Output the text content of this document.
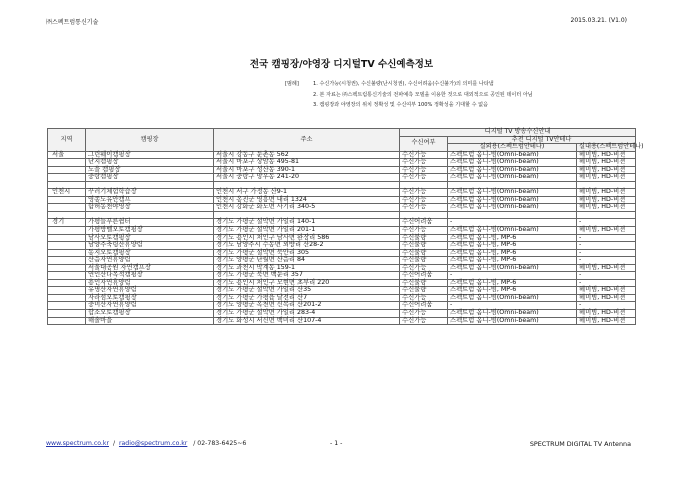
㈜스펙트럼통신기술	2015.03.21. (V1.0)
전국 캠핑장/야영장 디지털TV 수신예측정보
[범례]	1. 수신가능(시청권), 수신불량(난시청권), 수신어려움(수신불가)의 의미를 나타냄
2. 본 자료는 ㈜스펙트럼통신기술의 전파예측 모델을 이용한 것으로 대외적으로 공인된 데이터 아님
3. 캠핑장과 야영장의 위치 정확성 및 수신여부 100% 정확성을 기대할 수 없음
지역	캠핑장	주소	디지털 TV 방송수신안내		
			수신여부	추천 디지털 TV안테나	
				실외용(스펙트럼안테나)	실내용(스펙트럼안테나)
서울	그린웨이캠핑장	서울시 강동구 둔촌동 562	수신가능	스펙트럼 옴니-빔(Omni-beam)	헤미빔, HD-비젼
	난지캠핑장	서울시 마포구 상암동 495-81	수신가능	스펙트럼 옴니-빔(Omni-beam)	헤미빔, HD-비젼
	노을 캠핑장	서울시 마포구 성산동 390-1	수신가능	스펙트럼 옴니-빔(Omni-beam)	헤미빔, HD-비젼
	중랑캠핑장	서울시 중랑구 망우동 241-20	수신가능	스펙트럼 옴니-빔(Omni-beam)	헤미빔, HD-비젼

인천시	꾸러기체험학습장	인천시 서구 가정동 산9-1	수신가능	스펙트럼 옴니-빔(Omni-beam)	헤미빔, HD-비젼
	영종도유안캠프	인천시 옹진군 영흥면 내리 1324	수신가능	스펙트럼 옴니-빔(Omni-beam)	헤미빔, HD-비젼
	함허동천야영장	인천시 강화군 화도면 사기리 340-5	수신가능	스펙트럼 옴니-빔(Omni-beam)	헤미빔, HD-비젼

경기	가평늘푸른쉼터	경기도 가평군 설악면 가일리 140-1	수신어려움	-	-
	가평방벨오토캠핑장	경기도 가평군 설악면 가일리 201-1	수신가능	스펙트럼 옴니-빔(Omni-beam)	헤미빔, HD-비젼
	남사오토캠핑장	경기도 용인시 처인구 남사면 완장리 586	수신불량	스펙트럼 옴니-빔, MP-6	-
	남양주축령산휴양림	경기도 남양주시 수동면 외방리 산28-2	수신불량	스펙트럼 옴니-빔, MP-6	-
	동지오토캠핑장	경기도 가평군 설악면 묵안리 305	수신불량	스펙트럼 옴니-빔, MP-6	-
	산음자연휴양림	경기도 양평군 단월면 산음리 84	수신불량	스펙트럼 옴니-빔, MP-6	-
	서울대공원 자연캠프장	경기도 과천시 막계동 159-1	수신가능	스펙트럼 옴니-빔(Omni-beam)	헤미빔, HD-비젼
	연인산다목적캠핑장	경기도 가평군 북면 백둔리 357	수신어려움	-	-
	용인자연휴양림	경기도 용인시 처인구 모현면 초부리 220	수신불량	스펙트럼 옴니-빔, MP-6	-
	유명산자연휴양림	경기도 가평군 설악면 가일리 산35	수신불량	스펙트럼 옴니-빔, MP-6	헤미빔, HD-비젼
	자라섬오토캠핑장	경기도 가평군 가평읍 달전리 산7	수신가능	스펙트럼 옴니-빔(Omni-beam)	헤미빔, HD-비젼
	중미산자연휴양림	경기도 양평군 옥천면 신복리 산201-2	수신어려움	-	-
	합소오토캠핑장	경기도 가평군 설악면 가일리 283-4	수신가능	스펙트럼 옴니-빔(Omni-beam)	헤미빔, HD-비젼
	해솔마을	경기도 화성시 서신면 백미리 산107-4	수신가능	스펙트럼 옴니-빔(Omni-beam)	헤미빔, HD-비젼
www.spectrum.co.kr / radio@spectrum.co.kr / 02-783-6425~6	- 1 -	SPECTRUM DIGITAL TV Antenna
